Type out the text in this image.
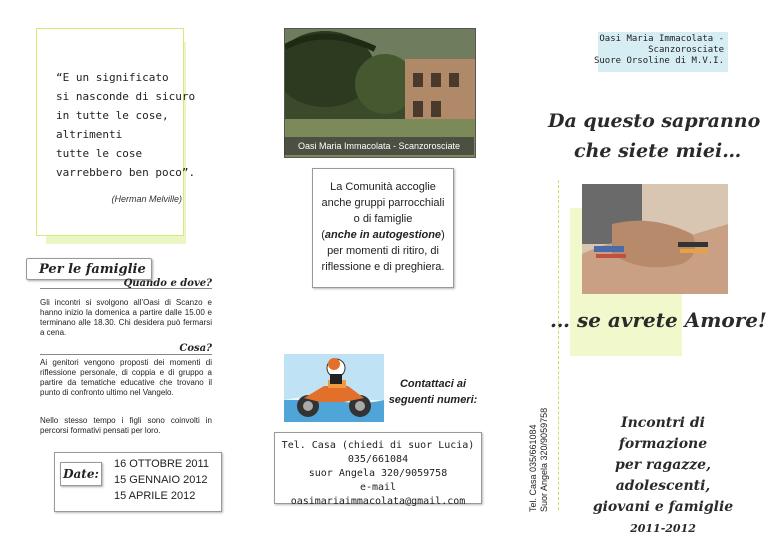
“E un significato
si nasconde di sicuro
in tutte le cose,
altrimenti
tutte le cose
varrebbero ben poco”.
(Herman Melville)
Per le famiglie
Quando e dove?
Gli incontri si svolgono all’Oasi di Scanzo e hanno inizio la domenica a partire dalle 15.00 e terminano alle 18.30. Chi desidera può fermarsi a cena.
Cosa?
Ai genitori vengono proposti dei momenti di riflessione personale, di coppia e di gruppo a partire da tematiche educative che trovano il punto di confronto ultimo nel Vangelo.
Nello stesso tempo i figli sono coinvolti in percorsi formativi pensati per loro.
Date:
16 OTTOBRE 2011
15 GENNAIO 2012
15 APRILE 2012
Oasi Maria Immacolata - Scanzorosciate
La Comunità accoglie
anche gruppi parrocchiali
o di famiglie
(anche in autogestione)
per momenti di ritiro, di
riflessione e di preghiera.
Contattaci ai
seguenti numeri:
Tel. Casa (chiedi di suor Lucia)
035/661084
suor Angela 320/9059758
e-mail oasimariaimmacolata@gmail.com
Oasi Maria Immacolata - Scanzorosciate
Suore Orsoline di M.V.I.
Da questo sapranno
che siete miei…
… se avrete Amore!
Tel. Casa 035/661084 Suor Angela 320/9059758	Incontri di formazione
per ragazze, adolescenti,
giovani e famiglie
2011-2012
